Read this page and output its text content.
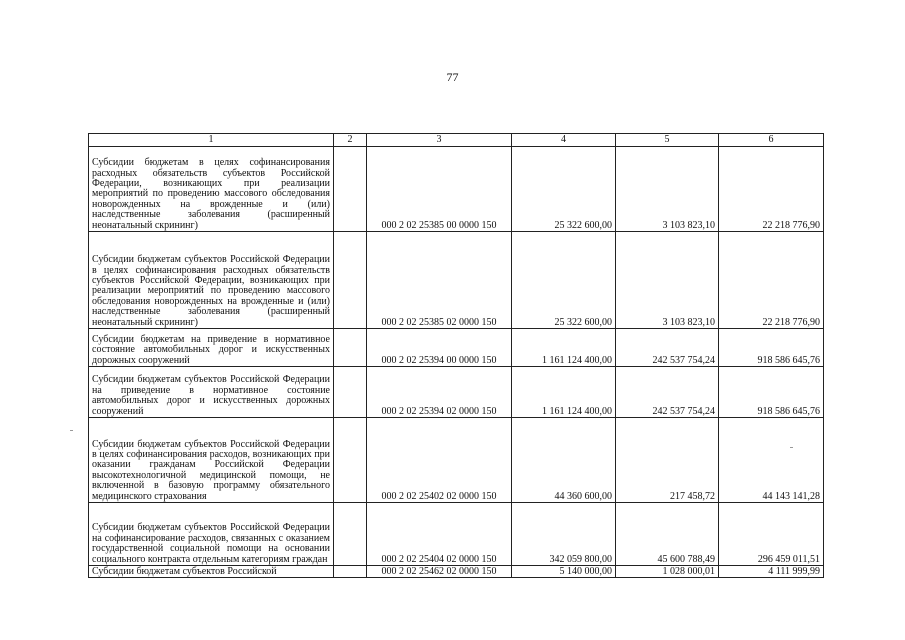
77
1	2	3	4	5	6
Субсидии бюджетам в целях софинансирования расходных обязательств субъектов Российской Федерации, возникающих при реализации мероприятий по проведению массового обследования новорожденных на врожденные и (или) наследственные заболевания (расширенный неонатальный скрининг)		000 2 02 25385 00 0000 150	25 322 600,00	3 103 823,10	22 218 776,90
Субсидии бюджетам субъектов Российской Федерации в целях софинансирования расходных обязательств субъектов Российской Федерации, возникающих при реализации мероприятий по проведению массового обследования новорожденных на врожденные и (или) наследственные заболевания (расширенный неонатальный скрининг)		000 2 02 25385 02 0000 150	25 322 600,00	3 103 823,10	22 218 776,90
Субсидии бюджетам на приведение в нормативное состояние автомобильных дорог и искусственных дорожных сооружений		000 2 02 25394 00 0000 150	1 161 124 400,00	242 537 754,24	918 586 645,76
Субсидии бюджетам субъектов Российской Федерации на приведение в нормативное состояние автомобильных дорог и искусственных дорожных сооружений		000 2 02 25394 02 0000 150	1 161 124 400,00	242 537 754,24	918 586 645,76
Субсидии бюджетам субъектов Российской Федерации в целях софинансирования расходов, возникающих при оказании гражданам Российской Федерации высокотехнологичной медицинской помощи, не включенной в базовую программу обязательного медицинского страхования		000 2 02 25402 02 0000 150	44 360 600,00	217 458,72	44 143 141,28
Субсидии бюджетам субъектов Российской Федерации на софинансирование расходов, связанных с оказанием государственной социальной помощи на основании социального контракта отдельным категориям граждан		000 2 02 25404 02 0000 150	342 059 800,00	45 600 788,49	296 459 011,51
Субсидии бюджетам субъектов Российской		000 2 02 25462 02 0000 150	5 140 000,00	1 028 000,01	4 111 999,99
